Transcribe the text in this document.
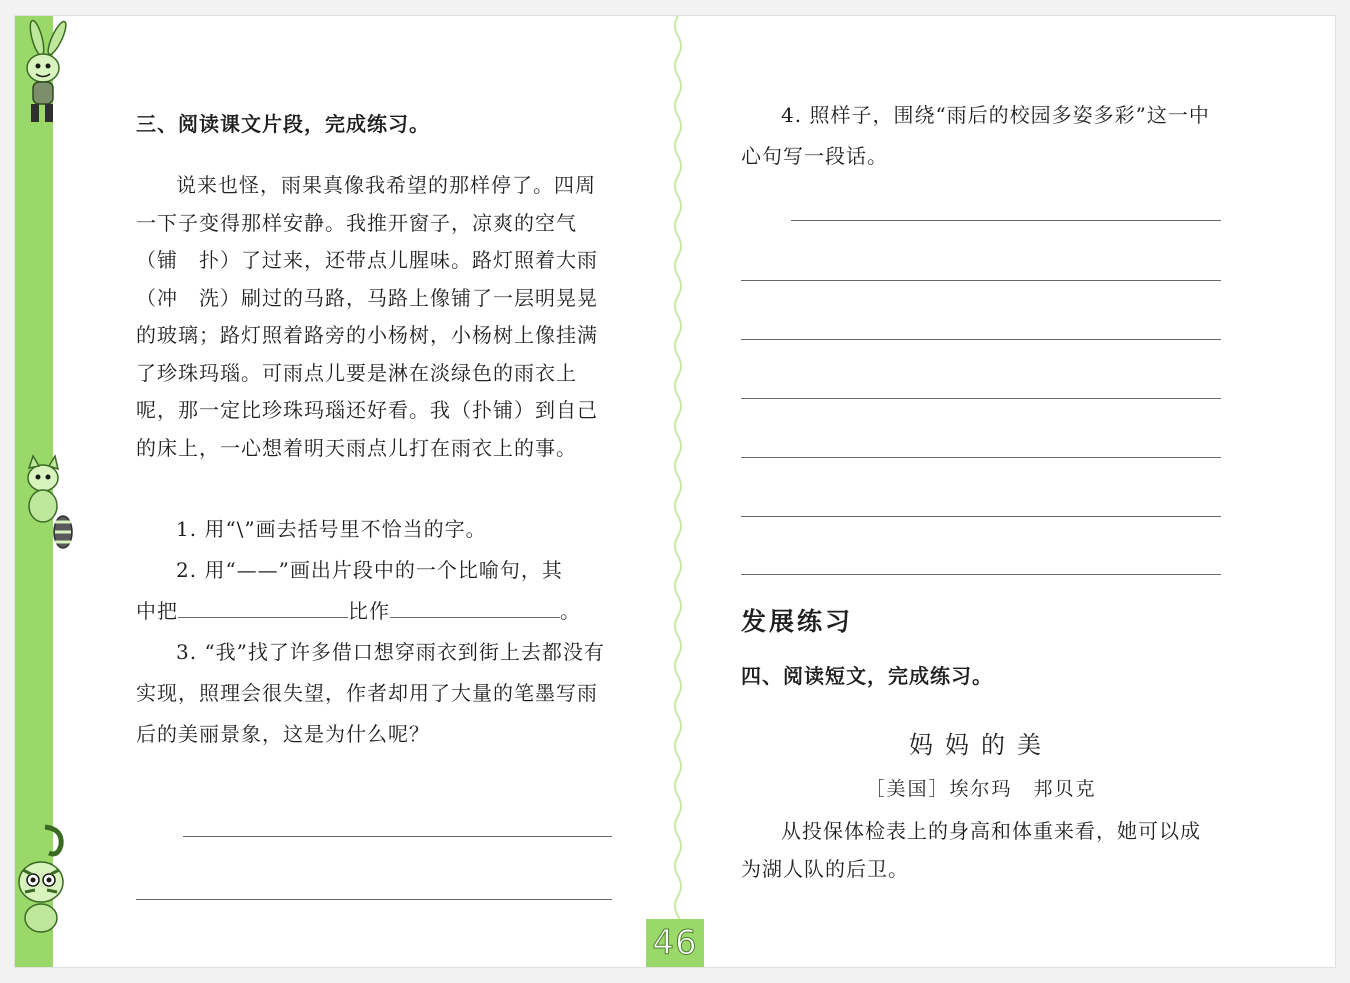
三、阅读课文片段，完成练习。

说来也怪，雨果真像我希望的那样停了。四周一下子变得那样安静。我推开窗子，凉爽的空气（铺　扑）了过来，还带点儿腥味。路灯照着大雨（冲　洗）刷过的马路，马路上像铺了一层明晃晃的玻璃；路灯照着路旁的小杨树，小杨树上像挂满了珍珠玛瑙。可雨点儿要是淋在淡绿色的雨衣上呢，那一定比珍珠玛瑙还好看。我（扑铺）到自己的床上，一心想着明天雨点儿打在雨衣上的事。

1. 用“\”画去括号里不恰当的字。

2. 用“——”画出片段中的一个比喻句，其

中把	比作	。

3. “我”找了许多借口想穿雨衣到街上去都没有实现，照理会很失望，作者却用了大量的笔墨写雨后的美丽景象，这是为什么呢？

4. 照样子，围绕“雨后的校园多姿多彩”这一中心句写一段话。

发展练习
四、阅读短文，完成练习。

妈妈的美

［美国］埃尔玛　邦贝克

从投保体检表上的身高和体重来看，她可以成为湖人队的后卫。

46
